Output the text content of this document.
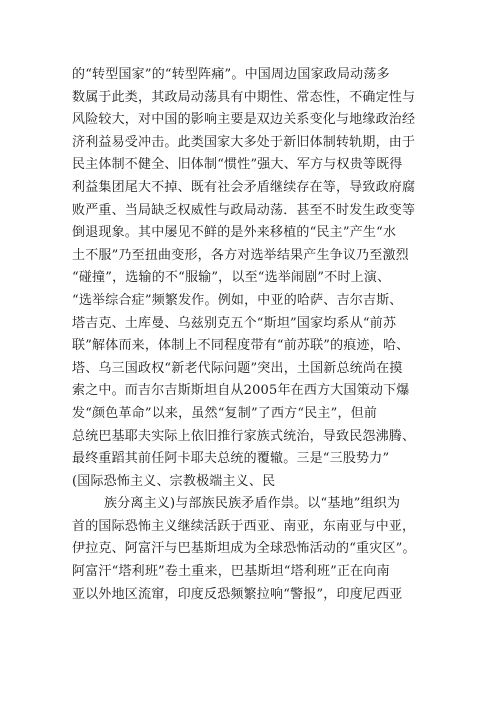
的“转型国家”的“转型阵痛”。中国周边国家政局动荡多
数属于此类，其政局动荡具有中期性、常态性，不确定性与
风险较大，对中国的影响主要是双边关系变化与地缘政治经
济利益易受冲击。此类国家大多处于新旧体制转轨期，由于
民主体制不健全、旧体制“惯性”强大、军方与权贵等既得
利益集团尾大不掉、既有社会矛盾继续存在等，导致政府腐
败严重、当局缺乏权威性与政局动荡．甚至不时发生政变等
倒退现象。其中屡见不鲜的是外来移植的“民主”产生“水
土不服”乃至扭曲变形，各方对选举结果产生争议乃至激烈
“碰撞”，选输的不“服输”，以至“选举闹剧”不时上演、
“选举综合症”频繁发作。例如，中亚的哈萨、吉尔吉斯、
塔吉克、土库曼、乌兹别克五个“斯坦”国家均系从“前苏
联”解体而来，体制上不同程度带有“前苏联”的痕迹，哈、
塔、乌三国政权“新老代际问题”突出，土国新总统尚在摸
索之中。而吉尔吉斯斯坦自从2005年在西方大国策动下爆
发“颜色革命”以来，虽然“复制”了西方“民主”，但前
总统巴基耶夫实际上依旧推行家族式统治，导致民怨沸腾、
最终重蹈其前任阿卡耶夫总统的覆辙。三是“三股势力”
(国际恐怖主义、宗教极端主义、民
族分离主义)与部族民族矛盾作祟。以“基地”组织为
首的国际恐怖主义继续活跃于西亚、南亚，东南亚与中亚，
伊拉克、阿富汗与巴基斯坦成为全球恐怖活动的“重灾区”。
阿富汗“塔利班”卷土重来，巴基斯坦“塔利班”正在向南
亚以外地区流窜，印度反恐频繁拉响“警报”，印度尼西亚
